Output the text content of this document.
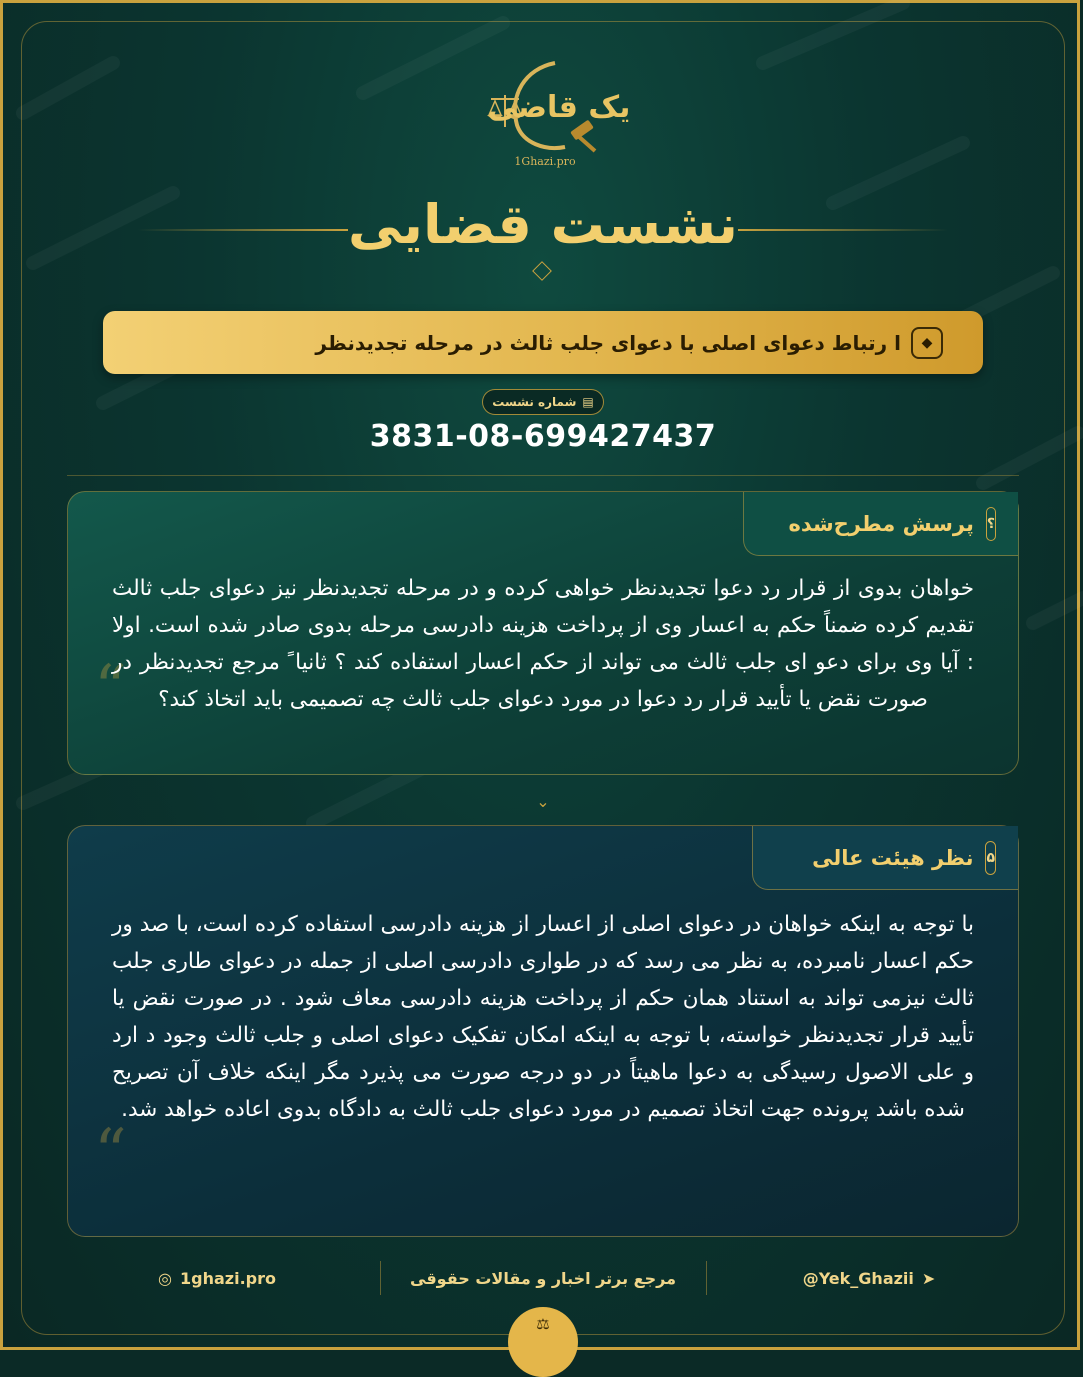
یک قاضی
1Ghazi.pro
نشست قضایی
◆
ا رتباط دعوای اصلی با دعوای جلب ثالث در مرحله تجدیدنظر
▤
شماره نشست
3831-08-699427437
؟
پرسش مطرح‌شده
“

خواهان بدوی از قرار رد دعوا تجدیدنظر خواهی کرده و در مرحله تجدیدنظر نیز دعوای جلب ثالث تقدیم کرده ضمناً حکم به اعسار وی از پرداخت هزینه دادرسی مرحله بدوی صادر شده است. اولا : آیا وی برای دعو ای جلب ثالث می تواند از حکم اعسار استفاده کند ؟ ثانیا ً مرجع تجدیدنظر در صورت نقض یا تأیید قرار رد دعوا در مورد دعوای جلب ثالث چه تصمیمی باید اتخاذ کند؟

⌄
۵
نظر هیئت عالی
“

با توجه به اینکه خواهان در دعوای اصلی از اعسار از هزینه دادرسی استفاده کرده است، با صد ور حکم اعسار نامبرده، به نظر می رسد که در طواری دادرسی اصلی از جمله در دعوای طاری جلب ثالث نیزمی تواند به استناد همان حکم از پرداخت هزینه دادرسی معاف شود . در صورت نقض یا تأیید قرار تجدیدنظر خواسته، با توجه به اینکه امکان تفکیک دعوای اصلی و جلب ثالث وجود د ارد و علی الاصول رسیدگی به دعوا ماهیتاً در دو درجه صورت می پذیرد مگر اینکه خلاف آن تصریح شده باشد پرونده جهت اتخاذ تصمیم در مورد دعوای جلب ثالث به دادگاه بدوی اعاده خواهد شد.

➤
@Yek_Ghazii
مرجع برتر اخبار و مقالات حقوقی
1ghazi.pro
◎
⚖
